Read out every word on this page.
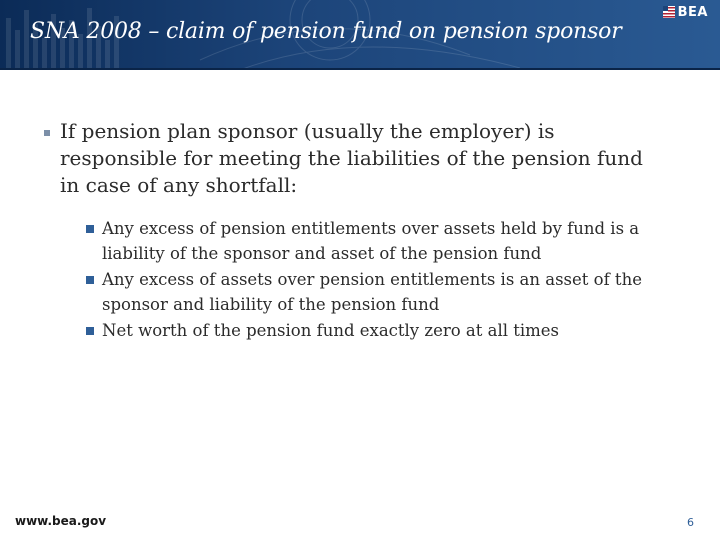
BEA
SNA 2008 – claim of pension fund on pension sponsor
If pension plan sponsor (usually the employer) is responsible for meeting the liabilities of the pension fund in case of any shortfall:
Any excess of pension entitlements over assets held by fund is a liability of the sponsor and asset of the pension fund
Any excess of assets over pension entitlements is an asset of the sponsor and liability of the pension fund
Net worth of the pension fund exactly zero at all times
www.bea.gov	6
